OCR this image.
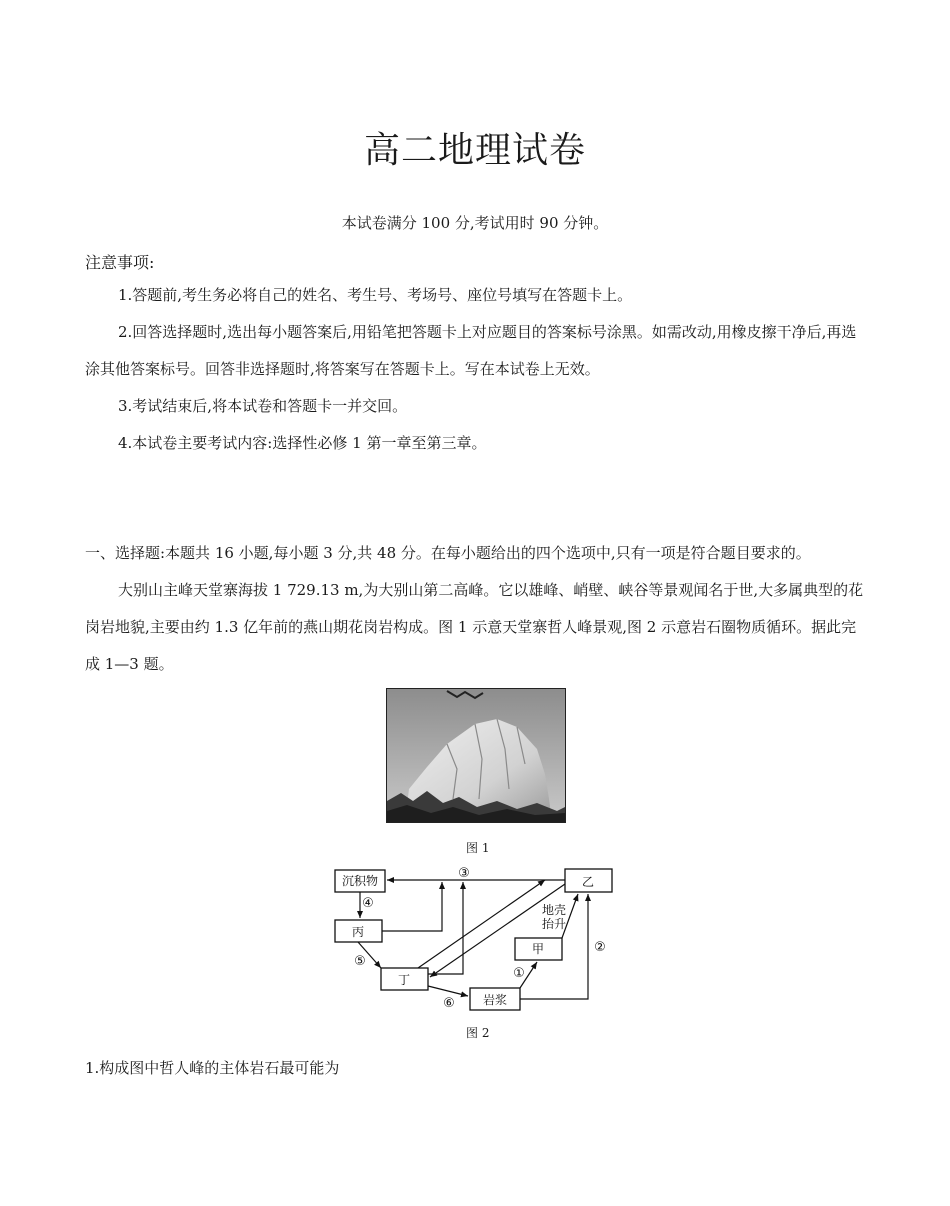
高二地理试卷
本试卷满分 100 分,考试用时 90 分钟。
注意事项:
1.答题前,考生务必将自己的姓名、考生号、考场号、座位号填写在答题卡上。
2.回答选择题时,选出每小题答案后,用铅笔把答题卡上对应题目的答案标号涂黑。如需改动,用橡皮擦干净后,再选涂其他答案标号。回答非选择题时,将答案写在答题卡上。写在本试卷上无效。
3.考试结束后,将本试卷和答题卡一并交回。
4.本试卷主要考试内容:选择性必修 1 第一章至第三章。
一、选择题:本题共 16 小题,每小题 3 分,共 48 分。在每小题给出的四个选项中,只有一项是符合题目要求的。
大别山主峰天堂寨海拔 1 729.13 m,为大别山第二高峰。它以雄峰、峭壁、峡谷等景观闻名于世,大多属典型的花岗岩地貌,主要由约 1.3 亿年前的燕山期花岗岩构成。图 1 示意天堂寨哲人峰景观,图 2 示意岩石圈物质循环。据此完成 1—3 题。
图 1
沉积物	乙
丙
甲
丁
岩浆
地壳
抬升
③
④
⑤
⑥
①
②
图 2
1.构成图中哲人峰的主体岩石最可能为
